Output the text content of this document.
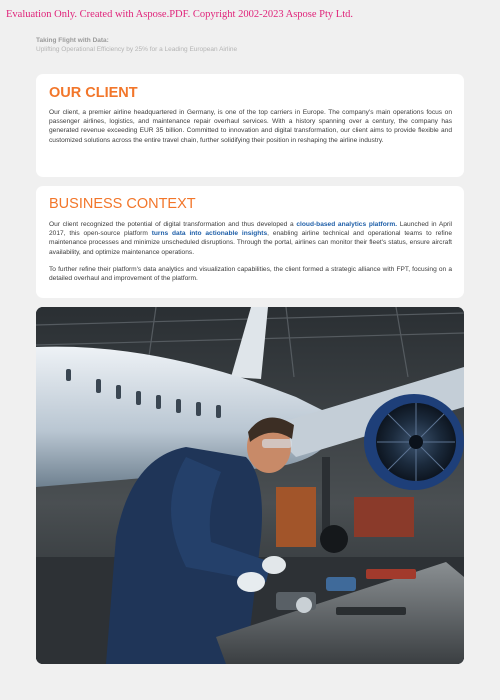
Evaluation Only. Created with Aspose.PDF. Copyright 2002-2023 Aspose Pty Ltd.
Taking Flight with Data:
Uplifting Operational Efficiency by 25% for a Leading European Airline
OUR CLIENT
Our client, a premier airline headquartered in Germany, is one of the top carriers in Europe. The company's main operations focus on passenger airlines, logistics, and maintenance repair overhaul services. With a history spanning over a century, the company has generated revenue exceeding EUR 35 billion. Committed to innovation and digital transformation, our client aims to provide flexible and customized solutions across the entire travel chain, further solidifying their position in reshaping the airline industry.
BUSINESS CONTEXT

Our client recognized the potential of digital transformation and thus developed a cloud-based analytics platform. Launched in April 2017, this open-source platform turns data into actionable insights, enabling airline technical and operational teams to refine maintenance processes and minimize unscheduled disruptions. Through the portal, airlines can monitor their fleet's status, ensure aircraft availability, and optimize maintenance operations.

To further refine their platform's data analytics and visualization capabilities, the client formed a strategic alliance with FPT, focusing on a detailed overhaul and improvement of the platform.
